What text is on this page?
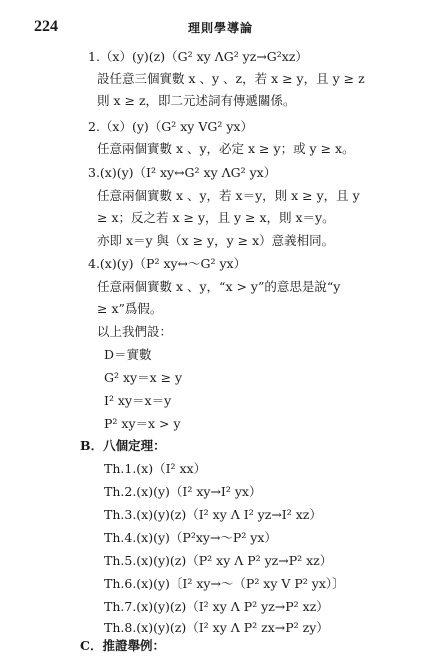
224	理則學導論
1.（x）(y)(z)（G² xy ΛG² yz→G²xz）
設任意三個實數 x 、y 、z，若 x ≥ y，且 y ≥ z
則 x ≥ z，即二元述詞有傳遞關係。
2.（x）(y)（G² xy VG² yx）
任意兩個實數 x 、y，必定 x ≥ y；或 y ≥ x。
3.(x)(y)（I² xy↔G² xy ΛG² yx）
任意兩個實數 x 、y，若 x＝y，則 x ≥ y，且 y
≥ x；反之若 x ≥ y，且 y ≥ x，則 x＝y。
亦即 x＝y 與（x ≥ y，y ≥ x）意義相同。
4.(x)(y)（P² xy↔～G² yx）
任意兩個實數 x 、y，“x > y”的意思是說“y
≥ x”爲假。
以上我們設：
D＝實數
G² xy＝x ≥ y
I² xy＝x＝y
P² xy＝x > y
B．八個定理：
Th.1.(x)（I² xx）
Th.2.(x)(y)（I² xy→I² yx）
Th.3.(x)(y)(z)（I² xy Λ I² yz→I² xz）
Th.4.(x)(y)（P²xy→～P² yx）
Th.5.(x)(y)(z)（P² xy Λ P² yz→P² xz）
Th.6.(x)(y)〔I² xy→～（P² xy V P² yx）〕
Th.7.(x)(y)(z)（I² xy Λ P² yz→P² xz）
Th.8.(x)(y)(z)（I² xy Λ P² zx→P² zy）
C．推證舉例：
